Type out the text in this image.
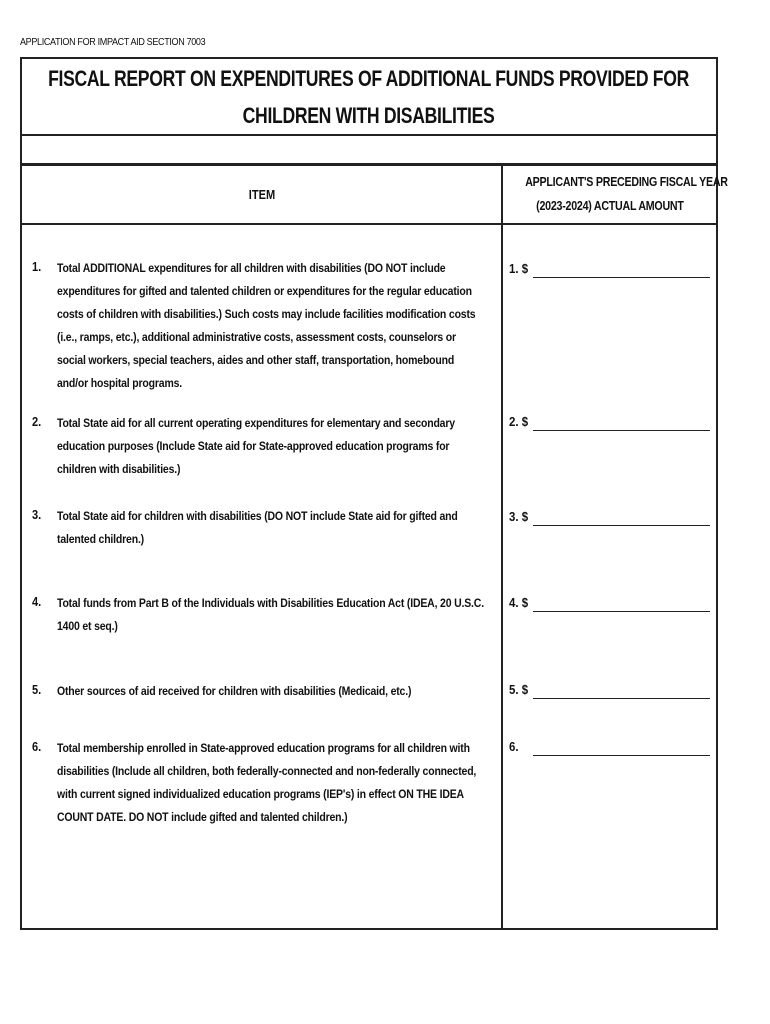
APPLICATION FOR IMPACT AID SECTION 7003
FISCAL REPORT ON EXPENDITURES OF ADDITIONAL FUNDS PROVIDED FOR
CHILDREN WITH DISABILITIES
ITEM
APPLICANT'S PRECEDING FISCAL YEAR
(2023-2024) ACTUAL AMOUNT
1. Total ADDITIONAL expenditures for all children with disabilities (DO NOT include expenditures for gifted and talented children or expenditures for the regular education costs of children with disabilities.) Such costs may include facilities modification costs (i.e., ramps, etc.), additional administrative costs, assessment costs, counselors or social workers, special teachers, aides and other staff, transportation, homebound and/or hospital programs.
1. $
2. Total State aid for all current operating expenditures for elementary and secondary education purposes (Include State aid for State-approved education programs for children with disabilities.)
2. $
3. Total State aid for children with disabilities (DO NOT include State aid for gifted and talented children.)
3. $
4. Total funds from Part B of the Individuals with Disabilities Education Act (IDEA, 20 U.S.C. 1400 et seq.)
4. $
5. Other sources of aid received for children with disabilities (Medicaid, etc.)	5. $
6. Total membership enrolled in State-approved education programs for all children with disabilities (Include all children, both federally-connected and non-federally connected, with current signed individualized education programs (IEP's) in effect ON THE IDEA COUNT DATE. DO NOT include gifted and talented children.)
6.
